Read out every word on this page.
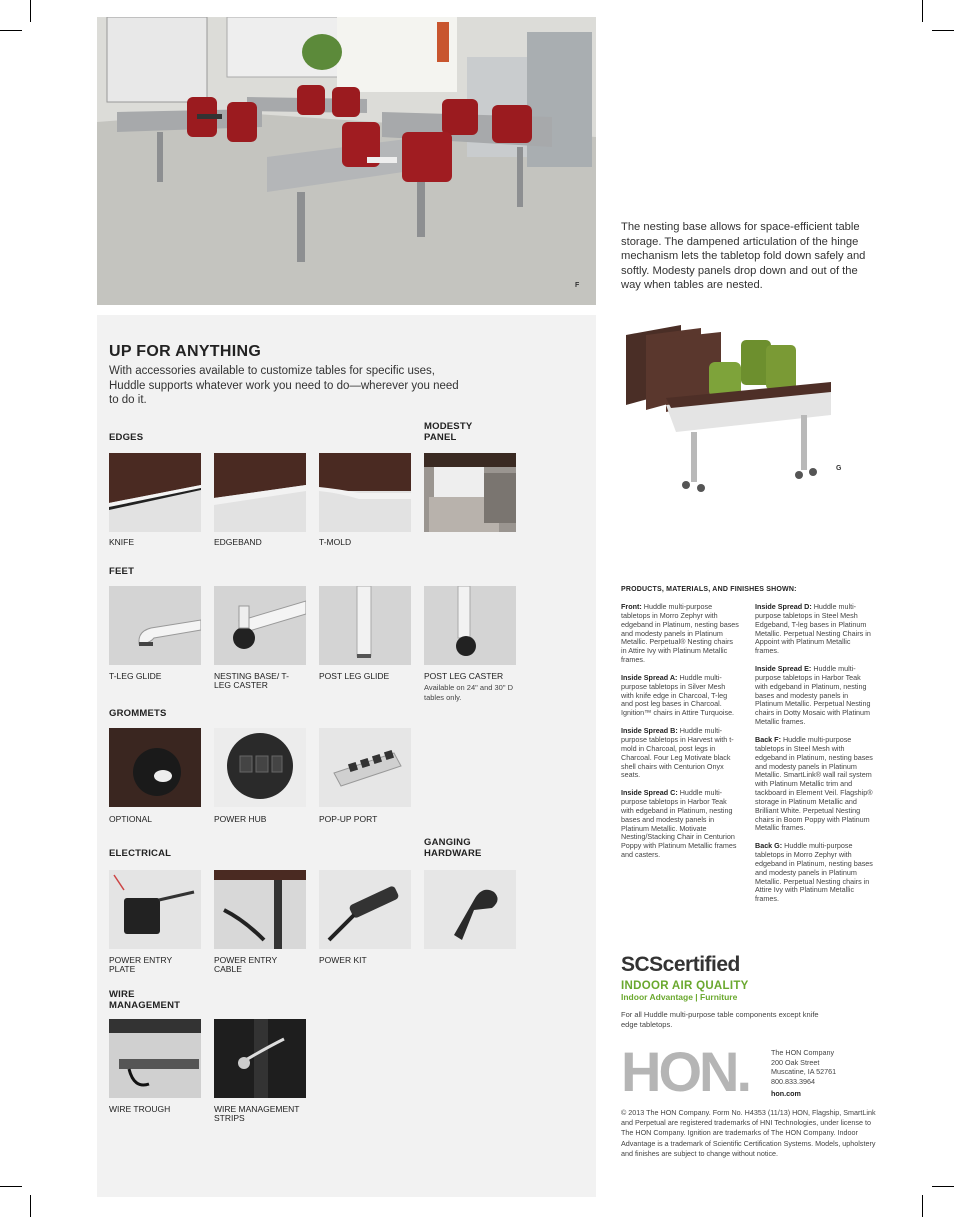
F
G
UP FOR ANYTHING
With accessories available to customize tables for specific uses, Huddle supports whatever work you need to do—wherever you need to do it.
EDGES
MODESTY PANEL
FEET
GROMMETS
ELECTRICAL
GANGING HARDWARE
WIRE MANAGEMENT
KNIFE	EDGEBAND	T-MOLD
T-LEG GLIDE	NESTING BASE/ T-LEG CASTER
POST LEG GLIDE	POST LEG CASTER
Available on 24" and 30" D tables only.
OPTIONAL	POWER HUB	POP-UP PORT
POWER ENTRY PLATE
POWER ENTRY CABLE
POWER KIT
WIRE TROUGH	WIRE MANAGEMENT STRIPS
The nesting base allows for space-efficient table storage. The dampened articulation of the hinge mechanism lets the tabletop fold down safely and softly. Modesty panels drop down and out of the way when tables are nested.
PRODUCTS, MATERIALS, AND FINISHES SHOWN:

Front: Huddle multi-purpose tabletops in Morro Zephyr with edgeband in Platinum, nesting bases and modesty panels in Platinum Metallic. Perpetual® Nesting chairs in Attire Ivy with Platinum Metallic frames.

Inside Spread A: Huddle multi-purpose tabletops in Silver Mesh with knife edge in Charcoal, T-leg and post leg bases in Charcoal. Ignition™ chairs in Attire Turquoise.

Inside Spread B: Huddle multi-purpose tabletops in Harvest with t-mold in Charcoal, post legs in Charcoal. Four Leg Motivate black shell chairs with Centurion Onyx seats.

Inside Spread C: Huddle multi-purpose tabletops in Harbor Teak with edgeband in Platinum, nesting bases and modesty panels in Platinum Metallic. Motivate Nesting/Stacking Chair in Centurion Poppy with Platinum Metallic frames and casters.

Inside Spread D: Huddle multi-purpose tabletops in Steel Mesh Edgeband, T-leg bases in Platinum Metallic. Perpetual Nesting Chairs in Appoint with Platinum Metallic frames.

Inside Spread E: Huddle multi-purpose tabletops in Harbor Teak with edgeband in Platinum, nesting bases and modesty panels in Platinum Metallic. Perpetual Nesting chairs in Dotty Mosaic with Platinum Metallic frames.

Back F: Huddle multi-purpose tabletops in Steel Mesh with edgeband in Platinum, nesting bases and modesty panels in Platinum Metallic. SmartLink® wall rail system with Platinum Metallic trim and tackboard in Element Veil. Flagship® storage in Platinum Metallic and Brilliant White. Perpetual Nesting chairs in Boom Poppy with Platinum Metallic frames.

Back G: Huddle multi-purpose tabletops in Morro Zephyr with edgeband in Platinum, nesting bases and modesty panels in Platinum Metallic. Perpetual Nesting chairs in Attire Ivy with Platinum Metallic frames.

SCScertified
INDOOR AIR QUALITY
Indoor Advantage | Furniture
For all Huddle multi-purpose table components except knife edge tabletops.
HON.	The HON Company
200 Oak Street
Muscatine, IA 52761
800.833.3964
hon.com
© 2013 The HON Company. Form No. H4353 (11/13) HON, Flagship, SmartLink and Perpetual are registered trademarks of HNI Technologies, under license to The HON Company. Ignition are trademarks of The HON Company. Indoor Advantage is a trademark of Scientific Certification Systems. Models, upholstery and finishes are subject to change without notice.
